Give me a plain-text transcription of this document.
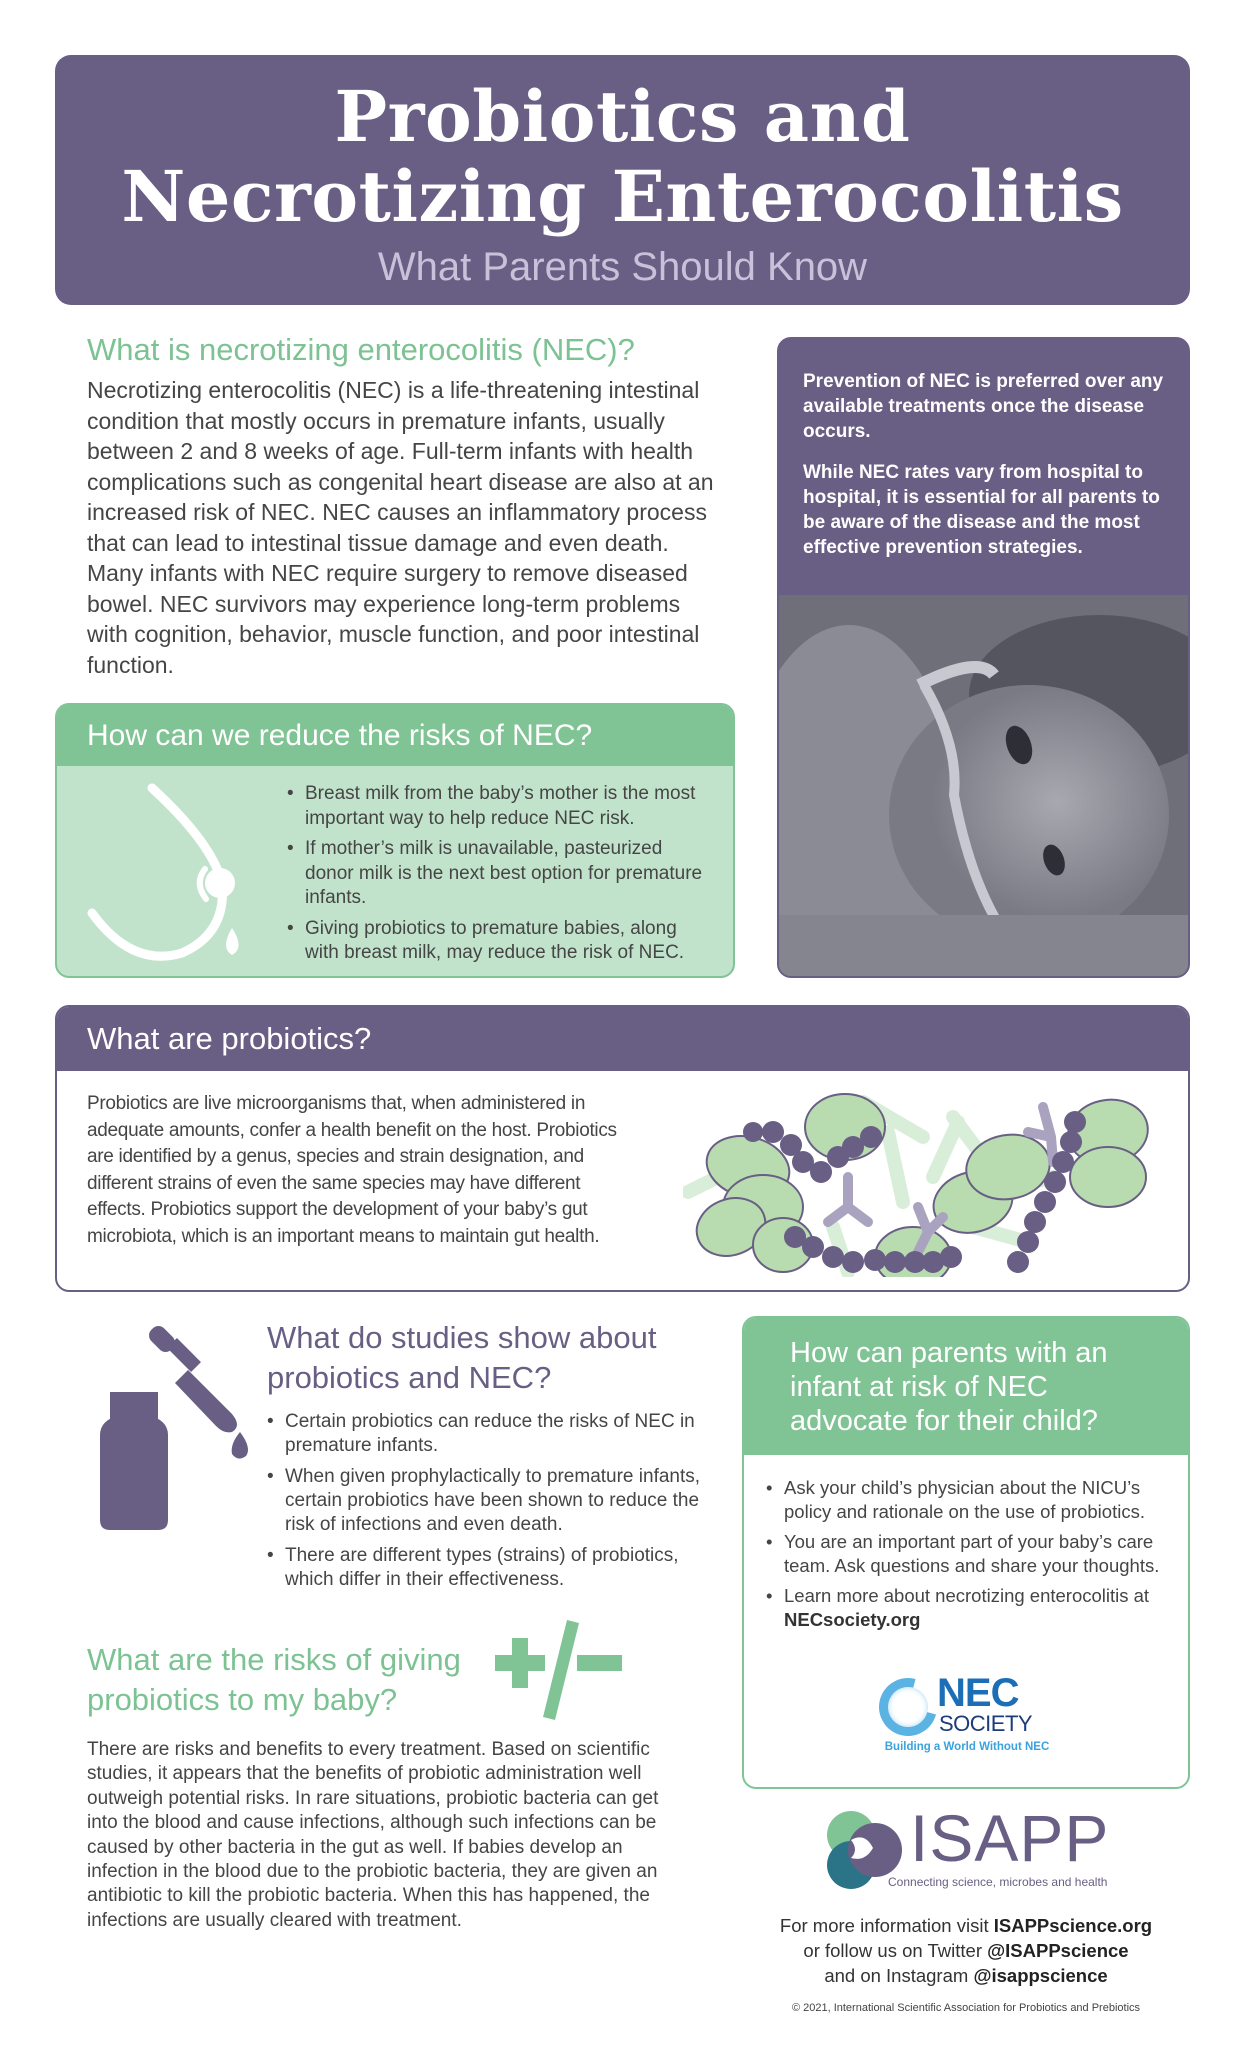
Probiotics and
Necrotizing Enterocolitis
What Parents Should Know
What is necrotizing enterocolitis (NEC)?
Necrotizing enterocolitis (NEC) is a life-threatening intestinal condition that mostly occurs in premature infants, usually between 2 and 8 weeks of age. Full-term infants with health complications such as congenital heart disease are also at an increased risk of NEC. NEC causes an inflammatory process that can lead to intestinal tissue damage and even death. Many infants with NEC require surgery to remove diseased bowel. NEC survivors may experience long-term problems with cognition, behavior, muscle function, and poor intestinal function.

Prevention of NEC is preferred over any available treatments once the disease occurs.

While NEC rates vary from hospital to hospital, it is essential for all parents to be aware of the disease and the most effective prevention strategies.

How can we reduce the risks of NEC?
• Breast milk from the baby’s mother is the most important way to help reduce NEC risk.
• If mother’s milk is unavailable, pasteurized donor milk is the next best option for premature infants.
• Giving probiotics to premature babies, along with breast milk, may reduce the risk of NEC.
What are probiotics?
Probiotics are live microorganisms that, when administered in adequate amounts, confer a health benefit on the host. Probiotics are identified by a genus, species and strain designation, and different strains of even the same species may have different effects. Probiotics support the development of your baby’s gut microbiota, which is an important means to maintain gut health.
What do studies show about probiotics and NEC?
• Certain probiotics can reduce the risks of NEC in premature infants.
• When given prophylactically to premature infants, certain probiotics have been shown to reduce the risk of infections and even death.
• There are different types (strains) of probiotics, which differ in their effectiveness.
What are the risks of giving probiotics to my baby?
There are risks and benefits to every treatment. Based on scientific studies, it appears that the benefits of probiotic administration well outweigh potential risks. In rare situations, probiotic bacteria can get into the blood and cause infections, although such infections can be caused by other bacteria in the gut as well. If babies develop an infection in the blood due to the probiotic bacteria, they are given an antibiotic to kill the probiotic bacteria. When this has happened, the infections are usually cleared with treatment.
How can parents with an infant at risk of NEC advocate for their child?
• Ask your child’s physician about the NICU’s policy and rationale on the use of probiotics.
• You are an important part of your baby’s care team. Ask questions and share your thoughts.
• Learn more about necrotizing enterocolitis at NECsociety.org
NEC
SOCIETY
Building a World Without NEC
ISAPP
Connecting science, microbes and health
For more information visit ISAPPscience.org
or follow us on Twitter @ISAPPscience
and on Instagram @isappscience
© 2021, International Scientific Association for Probiotics and Prebiotics
